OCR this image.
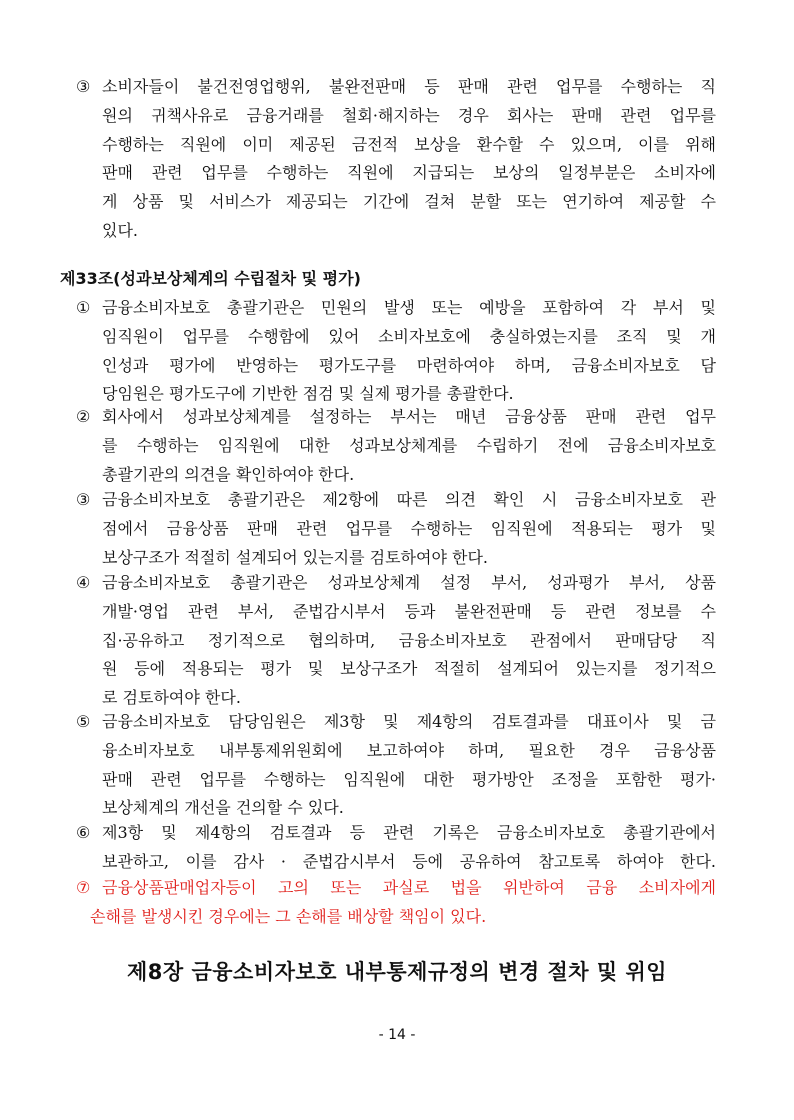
③ 소비자들이 불건전영업행위, 불완전판매 등 판매 관련 업무를 수행하는 직
원의 귀책사유로 금융거래를 철회·해지하는 경우 회사는 판매 관련 업무를
수행하는 직원에 이미 제공된 금전적 보상을 환수할 수 있으며, 이를 위해
판매 관련 업무를 수행하는 직원에 지급되는 보상의 일정부분은 소비자에
게 상품 및 서비스가 제공되는 기간에 걸쳐 분할 또는 연기하여 제공할 수
있다.
제33조(성과보상체계의 수립절차 및 평가)
① 금융소비자보호 총괄기관은 민원의 발생 또는 예방을 포함하여 각 부서 및
임직원이 업무를 수행함에 있어 소비자보호에 충실하였는지를 조직 및 개
인성과 평가에 반영하는 평가도구를 마련하여야 하며, 금융소비자보호 담
당임원은 평가도구에 기반한 점검 및 실제 평가를 총괄한다.
② 회사에서 성과보상체계를 설정하는 부서는 매년 금융상품 판매 관련 업무
를 수행하는 임직원에 대한 성과보상체계를 수립하기 전에 금융소비자보호
총괄기관의 의견을 확인하여야 한다.
③ 금융소비자보호 총괄기관은 제2항에 따른 의견 확인 시 금융소비자보호 관
점에서 금융상품 판매 관련 업무를 수행하는 임직원에 적용되는 평가 및
보상구조가 적절히 설계되어 있는지를 검토하여야 한다.
④ 금융소비자보호 총괄기관은 성과보상체계 설정 부서, 성과평가 부서, 상품
개발·영업 관련 부서, 준법감시부서 등과 불완전판매 등 관련 정보를 수
집·공유하고 정기적으로 협의하며, 금융소비자보호 관점에서 판매담당 직
원 등에 적용되는 평가 및 보상구조가 적절히 설계되어 있는지를 정기적으
로 검토하여야 한다.
⑤ 금융소비자보호 담당임원은 제3항 및 제4항의 검토결과를 대표이사 및 금
융소비자보호 내부통제위원회에 보고하여야 하며, 필요한 경우 금융상품
판매 관련 업무를 수행하는 임직원에 대한 평가방안 조정을 포함한 평가·
보상체계의 개선을 건의할 수 있다.
⑥ 제3항 및 제4항의 검토결과 등 관련 기록은 금융소비자보호 총괄기관에서
보관하고, 이를 감사 · 준법감시부서 등에 공유하여 참고토록 하여야 한다.
⑦ 금융상품판매업자등이 고의 또는 과실로 법을 위반하여 금융 소비자에게
손해를 발생시킨 경우에는 그 손해를 배상할 책임이 있다.
제8장 금융소비자보호 내부통제규정의 변경 절차 및 위임
- 14 -
